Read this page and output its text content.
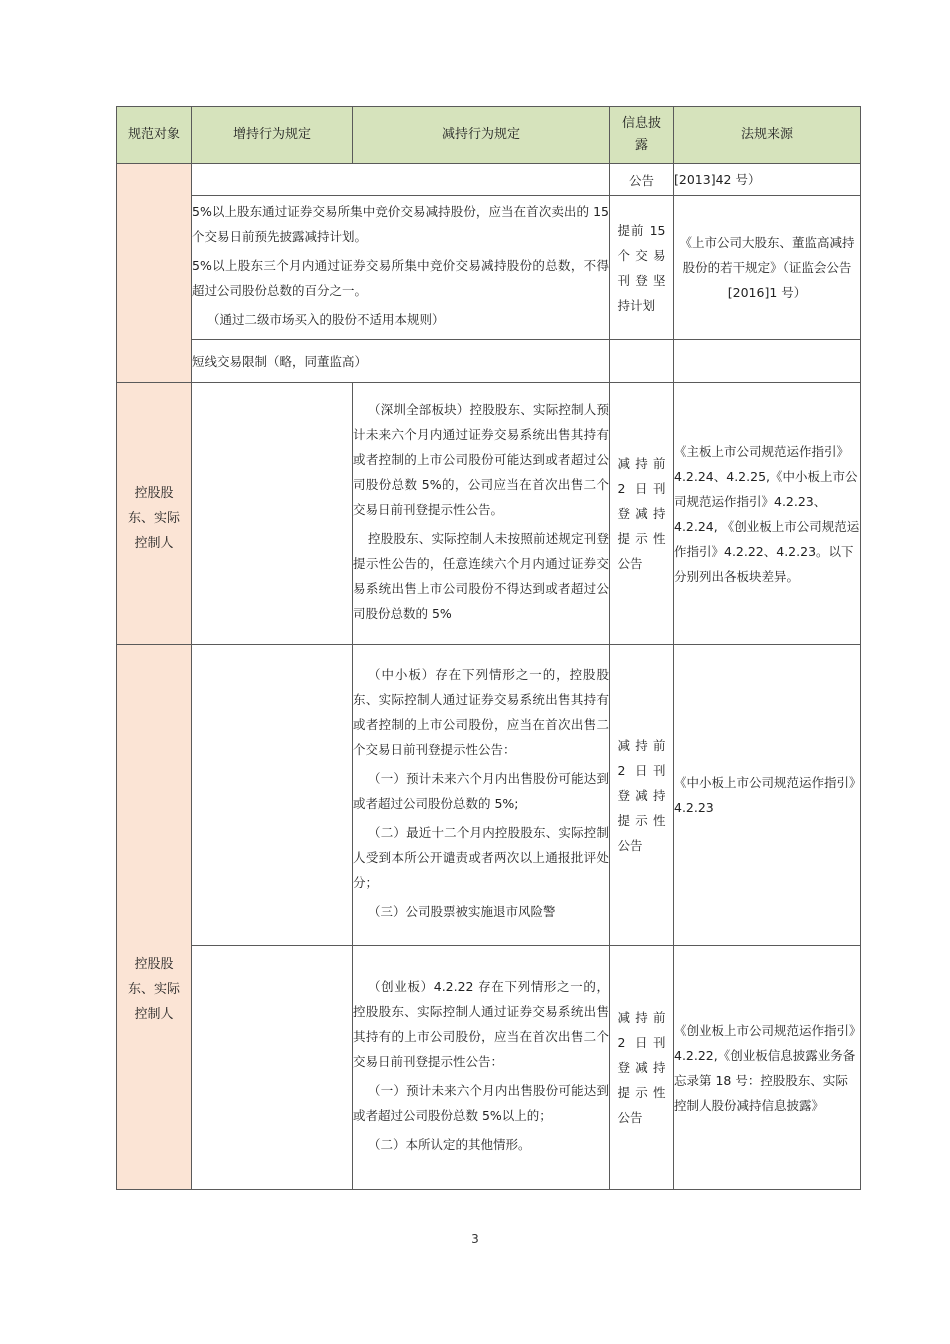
规范对象	增持行为规定	减持行为规定	信息披露	法规来源
			公告	[2013]42 号）

	5%以上股东通过证券交易所集中竞价交易减持股份，应当在首次卖出的 15 个交易日前预先披露减持计划。

5%以上股东三个月内通过证券交易所集中竞价交易减持股份的总数，不得超过公司股份总数的百分之一。

（通过二级市场买入的股份不适用本规则）		提前 15 个交易刊登坚持计划	《上市公司大股东、董监高减持股份的若干规定》（证监会公告[2016]1 号）
	短线交易限制（略，同董监高）			

控股股东、实际控制人		（深圳全部板块）控股股东、实际控制人预计未来六个月内通过证券交易系统出售其持有或者控制的上市公司股份可能达到或者超过公司股份总数 5%的，公司应当在首次出售二个交易日前刊登提示性公告。

控股股东、实际控制人未按照前述规定刊登提示性公告的，任意连续六个月内通过证券交易系统出售上市公司股份不得达到或者超过公司股份总数的 5%	减持前 2 日刊登减持提示性公告	《主板上市公司规范运作指引》4.2.24、4.2.25,《中小板上市公司规范运作指引》4.2.23、4.2.24, 《创业板上市公司规范运作指引》4.2.22、4.2.23。以下分别列出各板块差异。

控股股东、实际控制人		（中小板）存在下列情形之一的，控股股东、实际控制人通过证券交易系统出售其持有或者控制的上市公司股份，应当在首次出售二个交易日前刊登提示性公告：

（一）预计未来六个月内出售股份可能达到或者超过公司股份总数的 5%;

（二）最近十二个月内控股股东、实际控制人受到本所公开谴责或者两次以上通报批评处分；

（三）公司股票被实施退市风险警	减持前 2 日刊登减持提示性公告	《中小板上市公司规范运作指引》4.2.23

		（创业板）4.2.22 存在下列情形之一的，控股股东、实际控制人通过证券交易系统出售其持有的上市公司股份，应当在首次出售二个交易日前刊登提示性公告：

（一）预计未来六个月内出售股份可能达到或者超过公司股份总数 5%以上的；

（二）本所认定的其他情形。	减持前 2 日刊登减持提示性公告	《创业板上市公司规范运作指引》4.2.22,《创业板信息披露业务备忘录第 18 号：控股股东、实际控制人股份减持信息披露》
3
